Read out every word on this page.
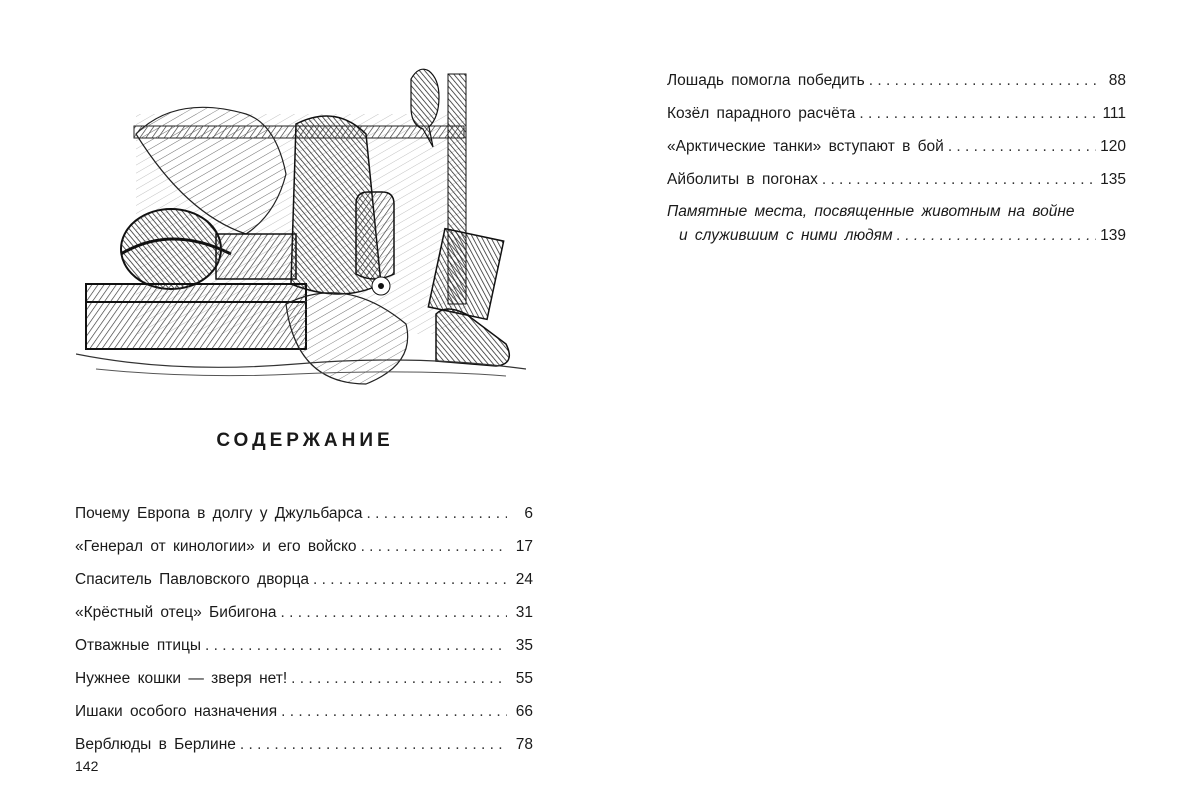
СОДЕРЖАНИЕ
Почему Европа в долгу у Джульбарса . . .	6
«Генерал от кинологии» и его войско . . .	17
Спаситель Павловского дворца . . .	24
«Крёстный отец» Бибигона . . .	31
Отважные птицы . . .	35
Нужнее кошки — зверя нет! . . .	55
Ишаки особого назначения . . .	66
Верблюды в Берлине . . .	78
Лошадь помогла победить . . .	88
Козёл парадного расчёта . . .	111
«Арктические танки» вступают в бой . . .	120
Айболиты в погонах . . .	135
Памятные места, посвященные животным на войне
и служившим с ними людям . . .	139
142
